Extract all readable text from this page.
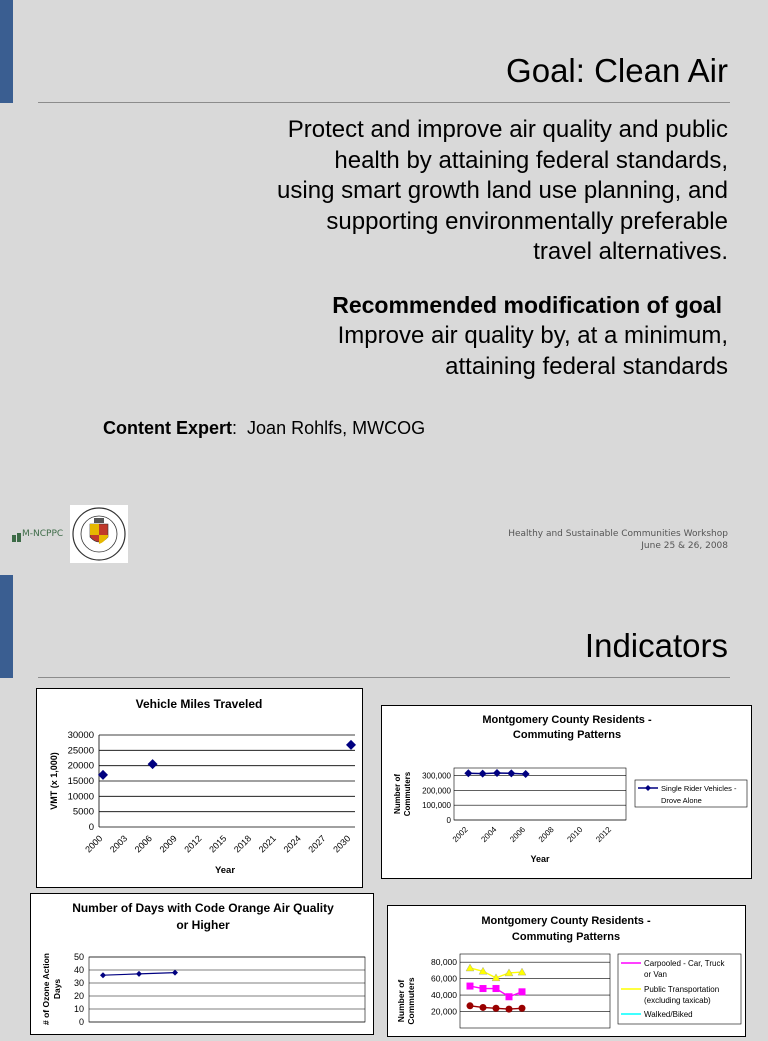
Goal: Clean Air
Protect and improve air quality and public
health by attaining federal standards,
using smart growth land use planning, and
supporting environmentally preferable
travel alternatives.
Recommended modification of goal
Improve air quality by, at a minimum,
attaining federal standards
Content Expert: Joan Rohlfs, MWCOG
M-NCPPC	Healthy and Sustainable Communities Workshop
June 25 & 26, 2008
Indicators
Vehicle Miles Traveled
30000
25000
20000
15000
10000
5000
0
2000 2003 2006 2009 2012 2015 2018 2021 2024 2027 2030
Year
VMT (x 1,000)
Montgomery County Residents -
Commuting Patterns
300,000
200,000
100,000
0
2002 2004 2006 2008 2010 2012
Year
Number of Commuters	Single Rider Vehicles -
Drove Alone
Number of Days with Code Orange Air Quality
or Higher
50
40
30
20
10
0
# of Ozone Action Days
Montgomery County Residents -
Commuting Patterns
80,000
60,000
40,000
20,000
Number of Commuters
Carpooled - Car, Truck
or Van
Public Transportation
(excluding taxicab)
Walked/Biked
